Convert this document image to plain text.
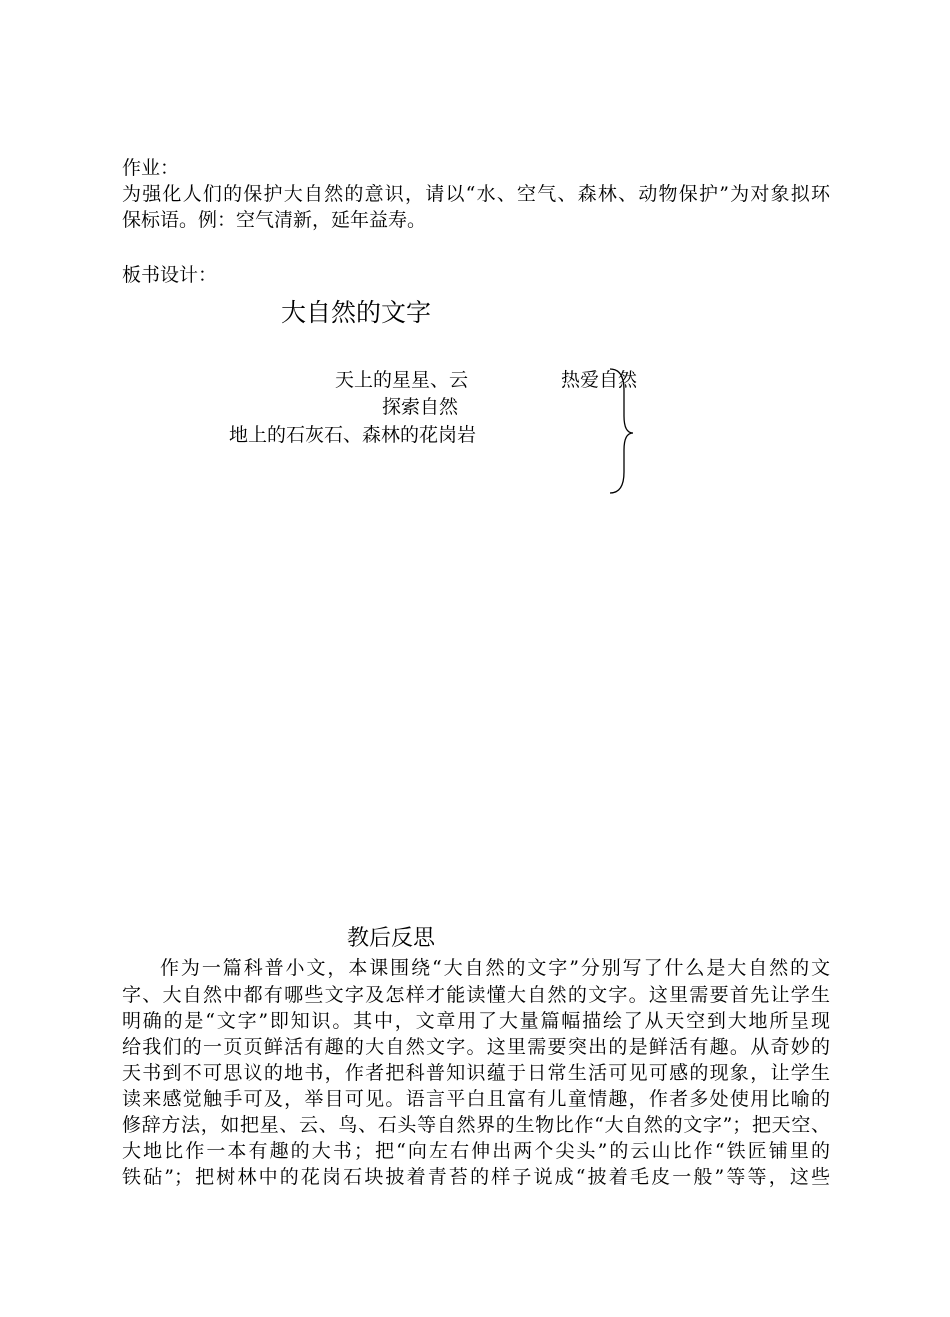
作业：
为强化人们的保护大自然的意识，请以“水、空气、森林、动物保护”为对象拟环
保标语。例：空气清新，延年益寿。
板书设计：
大自然的文字
天上的星星、云	热爱自然
探索自然
地上的石灰石、森林的花岗岩
教后反思
作为一篇科普小文，本课围绕“大自然的文字”分别写了什么是大自然的文
字、大自然中都有哪些文字及怎样才能读懂大自然的文字。这里需要首先让学生
明确的是“文字”即知识。其中，文章用了大量篇幅描绘了从天空到大地所呈现
给我们的一页页鲜活有趣的大自然文字。这里需要突出的是鲜活有趣。从奇妙的
天书到不可思议的地书，作者把科普知识蕴于日常生活可见可感的现象，让学生
读来感觉触手可及，举目可见。语言平白且富有儿童情趣，作者多处使用比喻的
修辞方法，如把星、云、鸟、石头等自然界的生物比作“大自然的文字”；把天空、
大地比作一本有趣的大书；把“向左右伸出两个尖头”的云山比作“铁匠铺里的
铁砧”；把树林中的花岗石块披着青苔的样子说成“披着毛皮一般”等等，这些
